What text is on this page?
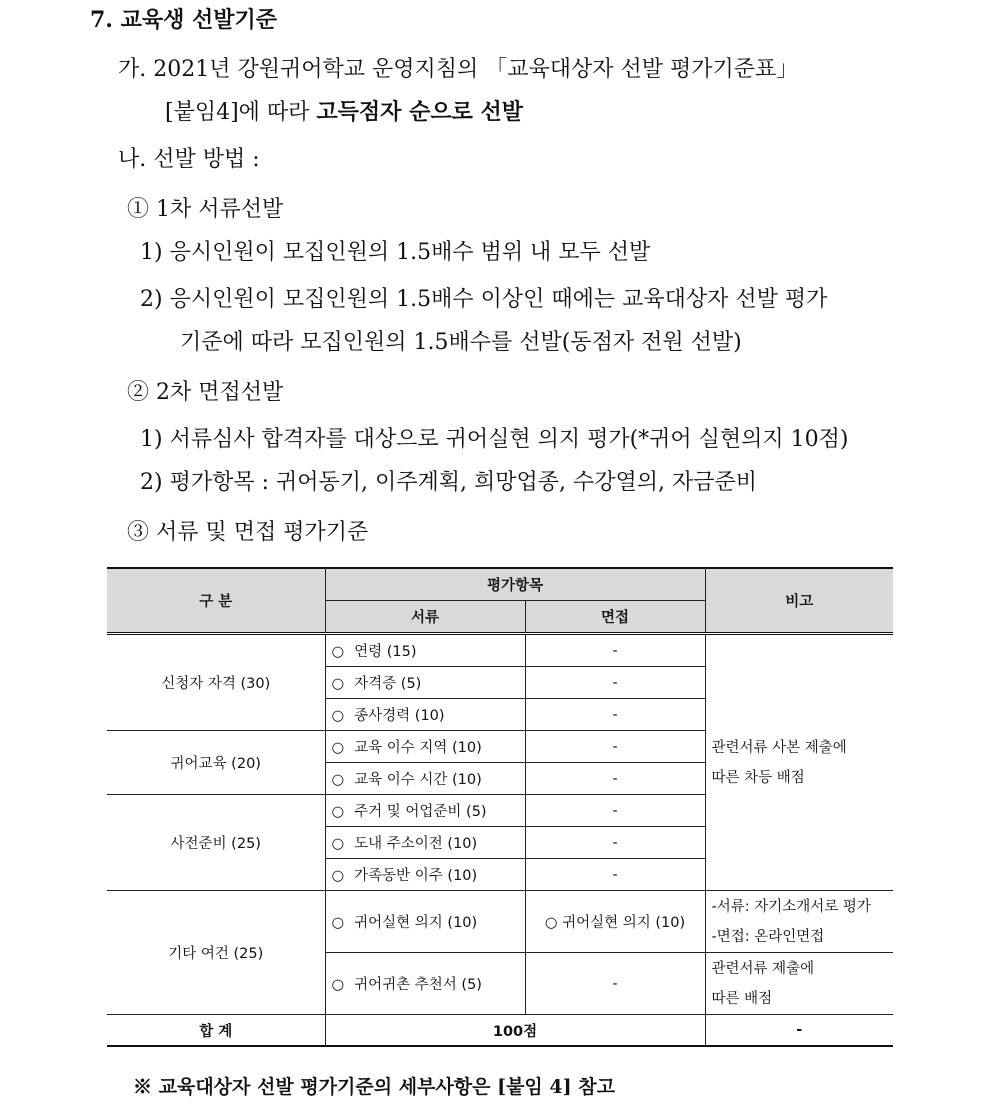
7. 교육생 선발기준
가. 2021년 강원귀어학교 운영지침의 「교육대상자 선발 평가기준표」
[붙임4]에 따라 고득점자 순으로 선발
나. 선발 방법 :
① 1차 서류선발
1) 응시인원이 모집인원의 1.5배수 범위 내 모두 선발
2) 응시인원이 모집인원의 1.5배수 이상인 때에는 교육대상자 선발 평가
기준에 따라 모집인원의 1.5배수를 선발(동점자 전원 선발)
② 2차 면접선발
1) 서류심사 합격자를 대상으로 귀어실현 의지 평가(*귀어 실현의지 10점)
2) 평가항목 : 귀어동기, 이주계획, 희망업종, 수강열의, 자금준비
③ 서류 및 면접 평가기준
구 분	평가항목		비고
	서류	면접	
신청자 자격 (30)	○ 연령 (15)	-	관련서류 사본 제출에
따른 차등 배점
	○ 자격증 (5)	-	
	○ 종사경력 (10)	-	
귀어교육 (20)	○ 교육 이수 지역 (10)	-	
	○ 교육 이수 시간 (10)	-	
사전준비 (25)	○ 주거 및 어업준비 (5)	-	
	○ 도내 주소이전 (10)	-	
	○ 가족동반 이주 (10)	-	
기타 여건 (25)	○ 귀어실현 의지 (10)	○ 귀어실현 의지 (10)	-서류: 자기소개서로 평가
-면접: 온라인면접
	○ 귀어귀촌 추천서 (5)	-	관련서류 제출에
따른 배점
합 계	100점		-
※ 교육대상자 선발 평가기준의 세부사항은 [붙임 4] 참고
